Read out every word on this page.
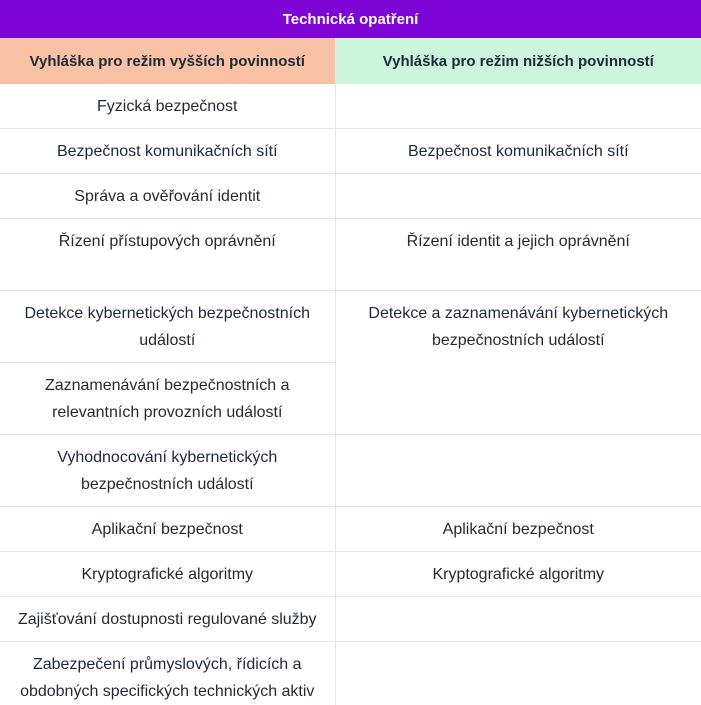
Technická opatření	
Vyhláška pro režim vyšších povinností	Vyhláška pro režim nižších povinností
Fyzická bezpečnost	
Bezpečnost komunikačních sítí	Bezpečnost komunikačních sítí
Správa a ověřování identit	
Řízení přístupových oprávnění	Řízení identit a jejich oprávnění
Detekce kybernetických bezpečnostních událostí	Detekce a zaznamenávání kybernetických bezpečnostních událostí
Zaznamenávání bezpečnostních a relevantních provozních událostí	
Vyhodnocování kybernetických bezpečnostních událostí	
Aplikační bezpečnost	Aplikační bezpečnost
Kryptografické algoritmy	Kryptografické algoritmy
Zajišťování dostupnosti regulované služby	
Zabezpečení průmyslových, řídicích a obdobných specifických technických aktiv	
